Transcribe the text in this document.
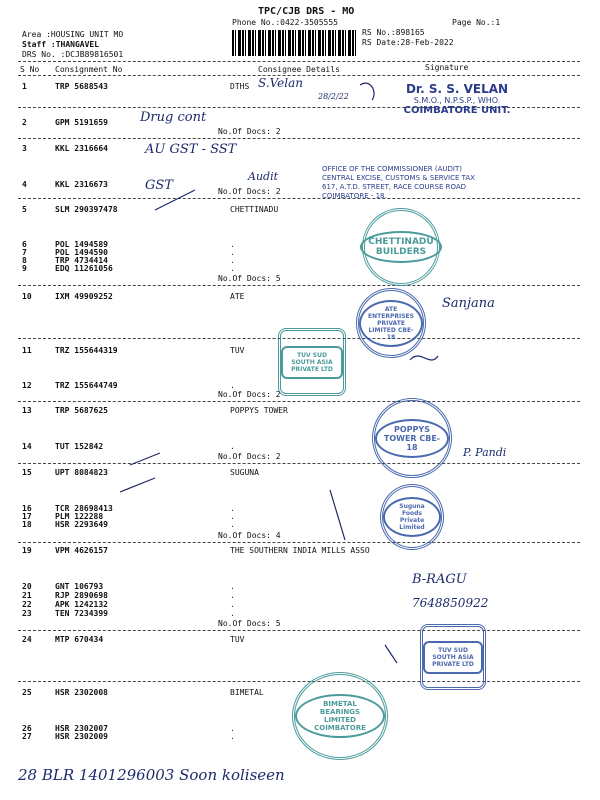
TPC/CJB DRS - MO
Phone No.:0422-3505555
Area :HOUSING UNIT MO
Staff :THANGAVEL
DRS No. :DCJB89816501
RS No.:898165
RS Date:28-Feb-2022
Page No.:1
S No Consignment No	Consignee Details	Signature
1	TRP 5688543	DTHS
2	GPM 5191659
No.Of Docs: 2
3	KKL 2316664
4	KKL 2316673
No.Of Docs: 2
5	SLM 290397478	CHETTINADU
6	POL 1494589	.
7	POL 1494590	.
8	TRP 4734414	.
9	EDQ 11261056	.
No.Of Docs: 5
10	IXM 49909252	ATE
11	TRZ 155644319	TUV
12	TRZ 155644749	.
No.Of Docs: 2
13	TRP 5687625	POPPYS TOWER
14	TUT 152842	.
No.Of Docs: 2
15	UPT 8084823	SUGUNA
16	TCR 28698413	.
17	PLM 122288	.
18	HSR 2293649	.
No.Of Docs: 4
19	VPM 4626157	THE SOUTHERN INDIA MILLS ASSO
20	GNT 106793	.
21	RJP 2890698	.
22	APK 1242132	.
23	TEN 7234399	.
No.Of Docs: 5
24	MTP 670434	TUV
25	HSR 2302008	BIMETAL
26	HSR 2302007	.
27	HSR 2302009	.
Dr. S. S. VELAN
S.M.O., N.P.S.P., WHO.
COIMBATORE UNIT.
OFFICE OF THE COMMISSIONER (AUDIT)
CENTRAL EXCISE, CUSTOMS & SERVICE TAX
617, A.T.D. STREET, RACE COURSE ROAD
COIMBATORE - 18.
CHETTINADU BUILDERS
ATE ENTERPRISES PRIVATE LIMITED CBE-18
TUV SUD SOUTH ASIA PRIVATE LTD
POPPYS TOWER CBE-18
Suguna Foods Private Limited
TUV SUD SOUTH ASIA PRIVATE LTD
BIMETAL BEARINGS LIMITED COIMBATORE
S.Velan
28/2/22
Drug cont
AU GST - SST
GST
Audit
Sanjana
P. Pandi
B-RAGU
7648850922
28 BLR 1401296003 Soon koliseen
